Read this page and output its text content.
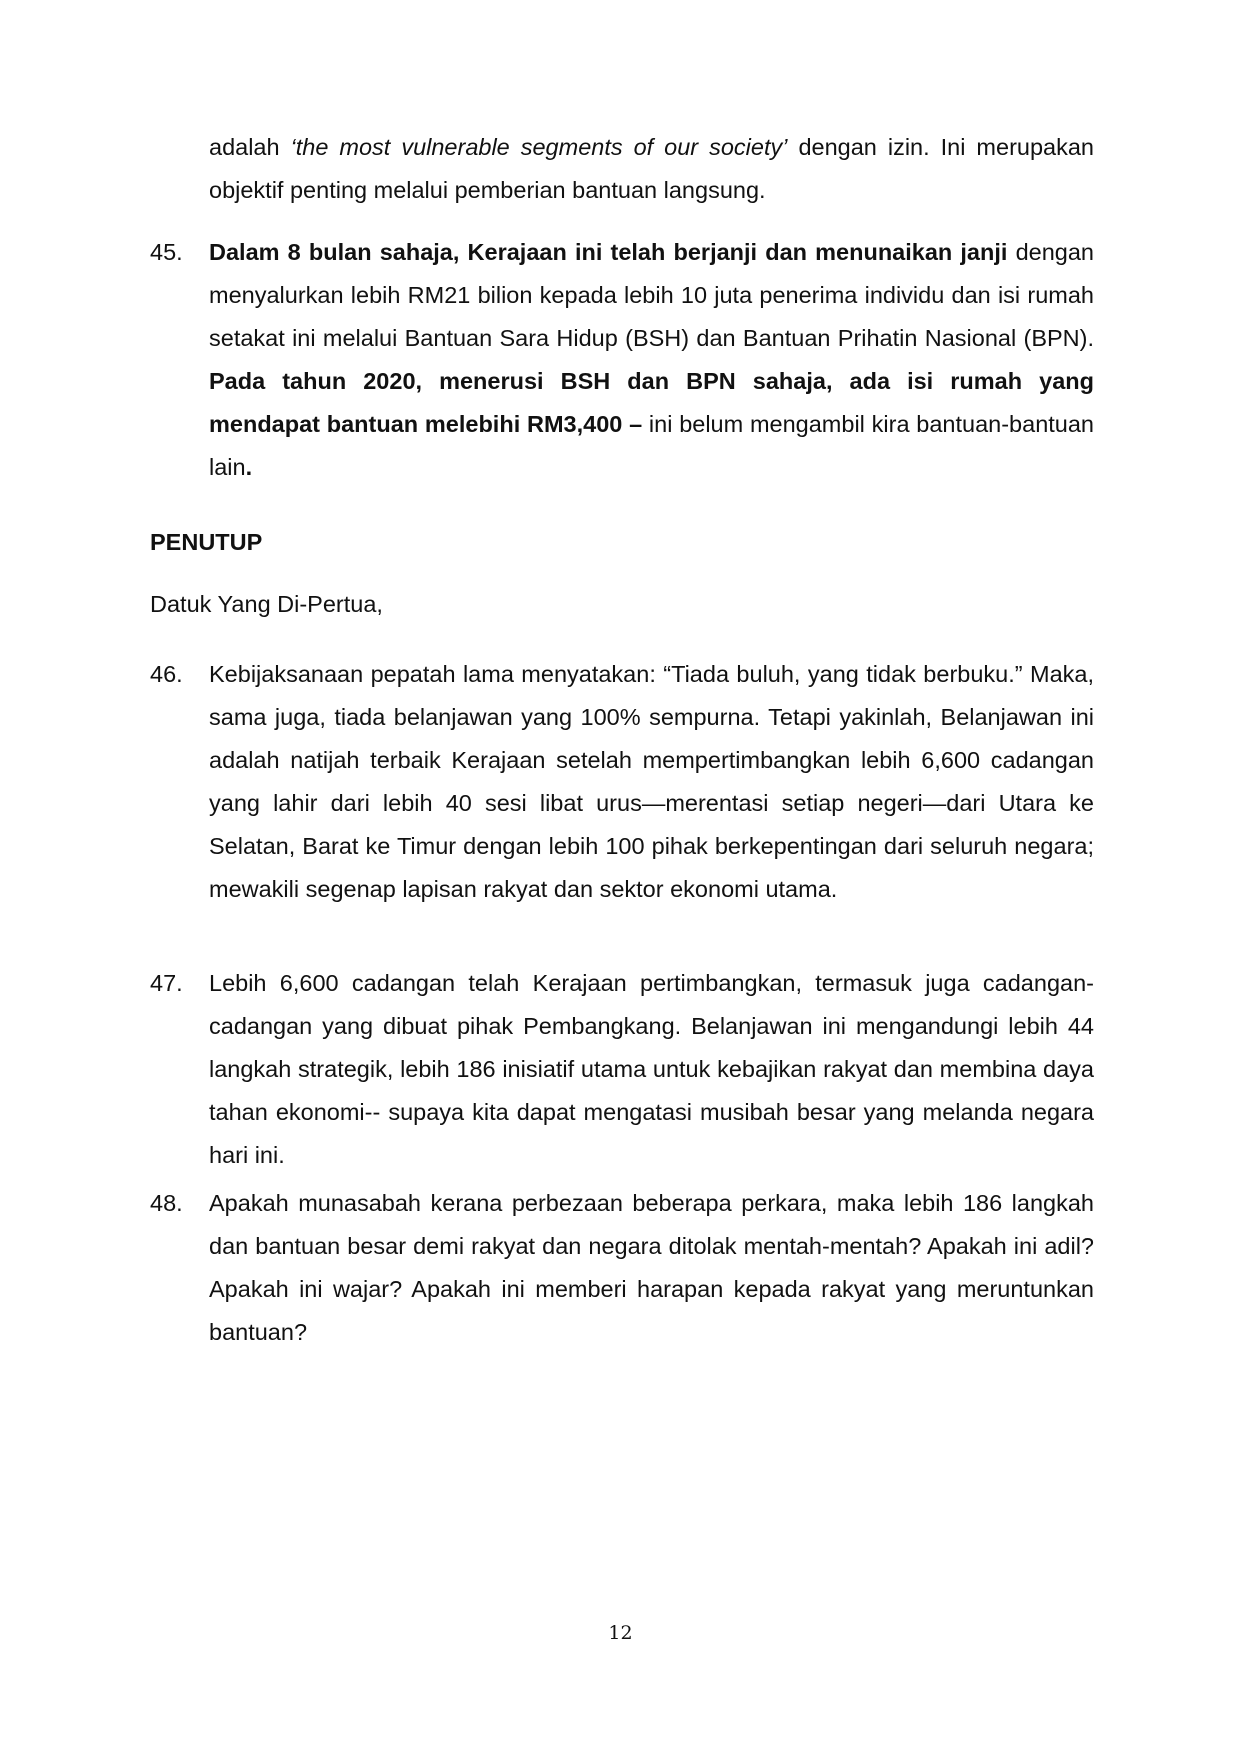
adalah ‘the most vulnerable segments of our society’ dengan izin. Ini merupakan objektif penting melalui pemberian bantuan langsung.
45. Dalam 8 bulan sahaja, Kerajaan ini telah berjanji dan menunaikan janji dengan menyalurkan lebih RM21 bilion kepada lebih 10 juta penerima individu dan isi rumah setakat ini melalui Bantuan Sara Hidup (BSH) dan Bantuan Prihatin Nasional (BPN). Pada tahun 2020, menerusi BSH dan BPN sahaja, ada isi rumah yang mendapat bantuan melebihi RM3,400 – ini belum mengambil kira bantuan-bantuan lain.
PENUTUP
Datuk Yang Di-Pertua,
46. Kebijaksanaan pepatah lama menyatakan: “Tiada buluh, yang tidak berbuku.” Maka, sama juga, tiada belanjawan yang 100% sempurna. Tetapi yakinlah, Belanjawan ini adalah natijah terbaik Kerajaan setelah mempertimbangkan lebih 6,600 cadangan yang lahir dari lebih 40 sesi libat urus—merentasi setiap negeri—dari Utara ke Selatan, Barat ke Timur dengan lebih 100 pihak berkepentingan dari seluruh negara; mewakili segenap lapisan rakyat dan sektor ekonomi utama.
47. Lebih 6,600 cadangan telah Kerajaan pertimbangkan, termasuk juga cadangan-cadangan yang dibuat pihak Pembangkang. Belanjawan ini mengandungi lebih 44 langkah strategik, lebih 186 inisiatif utama untuk kebajikan rakyat dan membina daya tahan ekonomi-- supaya kita dapat mengatasi musibah besar yang melanda negara hari ini.
48. Apakah munasabah kerana perbezaan beberapa perkara, maka lebih 186 langkah dan bantuan besar demi rakyat dan negara ditolak mentah-mentah? Apakah ini adil? Apakah ini wajar? Apakah ini memberi harapan kepada rakyat yang meruntunkan bantuan?
12
